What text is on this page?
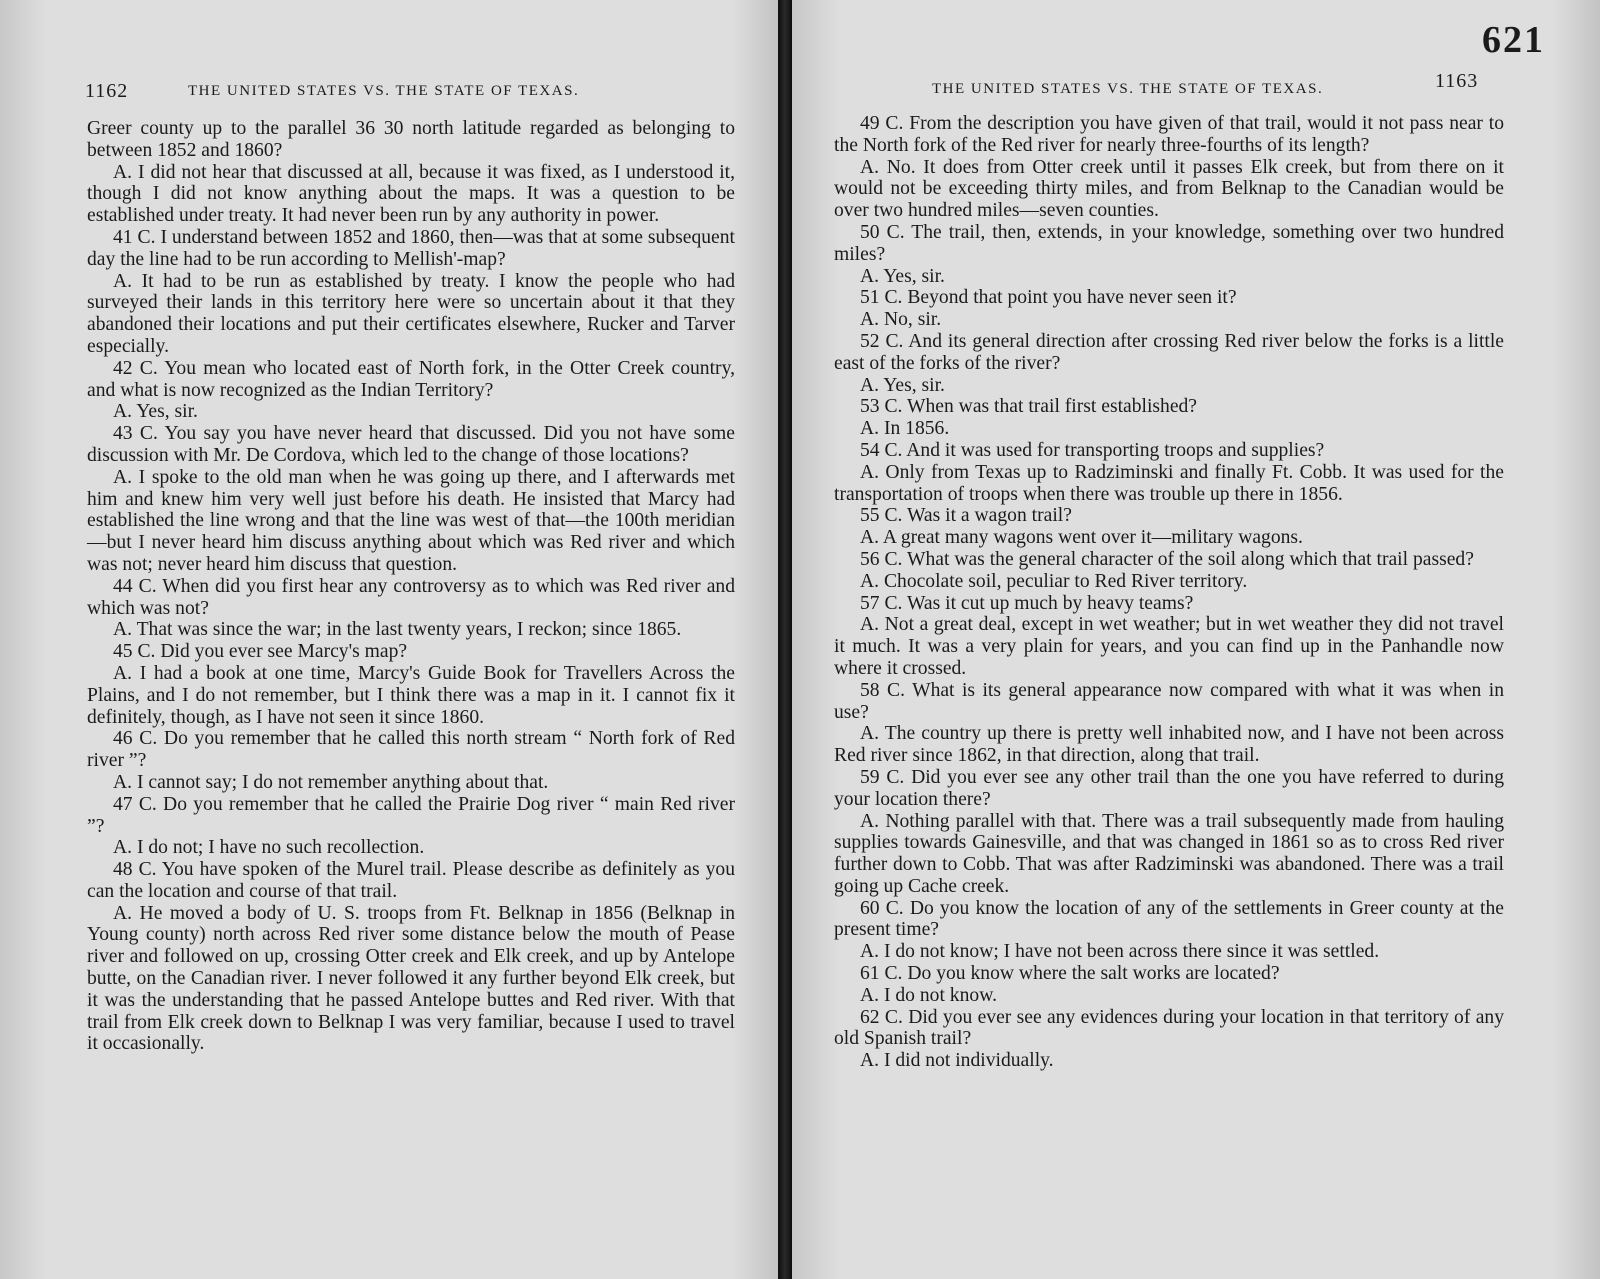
1162	THE UNITED STATES VS. THE STATE OF TEXAS.

Greer county up to the parallel 36 30 north latitude regarded as belonging to between 1852 and 1860?

A. I did not hear that discussed at all, because it was fixed, as I understood it, though I did not know anything about the maps. It was a question to be established under treaty. It had never been run by any authority in power.

41 C. I understand between 1852 and 1860, then—was that at some subsequent day the line had to be run according to Mellish'-map?

A. It had to be run as established by treaty. I know the people who had surveyed their lands in this territory here were so uncertain about it that they abandoned their locations and put their certificates elsewhere, Rucker and Tarver especially.

42 C. You mean who located east of North fork, in the Otter Creek country, and what is now recognized as the Indian Territory?

A. Yes, sir.

43 C. You say you have never heard that discussed. Did you not have some discussion with Mr. De Cordova, which led to the change of those locations?

A. I spoke to the old man when he was going up there, and I afterwards met him and knew him very well just before his death. He insisted that Marcy had established the line wrong and that the line was west of that—the 100th meridian—but I never heard him discuss anything about which was Red river and which was not; never heard him discuss that question.

44 C. When did you first hear any controversy as to which was Red river and which was not?

A. That was since the war; in the last twenty years, I reckon; since 1865.

45 C. Did you ever see Marcy's map?

A. I had a book at one time, Marcy's Guide Book for Travellers Across the Plains, and I do not remember, but I think there was a map in it. I cannot fix it definitely, though, as I have not seen it since 1860.

46 C. Do you remember that he called this north stream “ North fork of Red river ”?

A. I cannot say; I do not remember anything about that.

47 C. Do you remember that he called the Prairie Dog river “ main Red river ”?

A. I do not; I have no such recollection.

48 C. You have spoken of the Murel trail. Please describe as definitely as you can the location and course of that trail.

A. He moved a body of U. S. troops from Ft. Belknap in 1856 (Belknap in Young county) north across Red river some distance below the mouth of Pease river and followed on up, crossing Otter creek and Elk creek, and up by Antelope butte, on the Canadian river. I never followed it any further beyond Elk creek, but it was the understanding that he passed Antelope buttes and Red river. With that trail from Elk creek down to Belknap I was very familiar, because I used to travel it occasionally.

621
THE UNITED STATES VS. THE STATE OF TEXAS.	1163

49 C. From the description you have given of that trail, would it not pass near to the North fork of the Red river for nearly three-fourths of its length?

A. No. It does from Otter creek until it passes Elk creek, but from there on it would not be exceeding thirty miles, and from Belknap to the Canadian would be over two hundred miles—seven counties.

50 C. The trail, then, extends, in your knowledge, something over two hundred miles?

A. Yes, sir.

51 C. Beyond that point you have never seen it?

A. No, sir.

52 C. And its general direction after crossing Red river below the forks is a little east of the forks of the river?

A. Yes, sir.

53 C. When was that trail first established?

A. In 1856.

54 C. And it was used for transporting troops and supplies?

A. Only from Texas up to Radziminski and finally Ft. Cobb. It was used for the transportation of troops when there was trouble up there in 1856.

55 C. Was it a wagon trail?

A. A great many wagons went over it—military wagons.

56 C. What was the general character of the soil along which that trail passed?

A. Chocolate soil, peculiar to Red River territory.

57 C. Was it cut up much by heavy teams?

A. Not a great deal, except in wet weather; but in wet weather they did not travel it much. It was a very plain for years, and you can find up in the Panhandle now where it crossed.

58 C. What is its general appearance now compared with what it was when in use?

A. The country up there is pretty well inhabited now, and I have not been across Red river since 1862, in that direction, along that trail.

59 C. Did you ever see any other trail than the one you have referred to during your location there?

A. Nothing parallel with that. There was a trail subsequently made from hauling supplies towards Gainesville, and that was changed in 1861 so as to cross Red river further down to Cobb. That was after Radziminski was abandoned. There was a trail going up Cache creek.

60 C. Do you know the location of any of the settlements in Greer county at the present time?

A. I do not know; I have not been across there since it was settled.

61 C. Do you know where the salt works are located?

A. I do not know.

62 C. Did you ever see any evidences during your location in that territory of any old Spanish trail?

A. I did not individually.
